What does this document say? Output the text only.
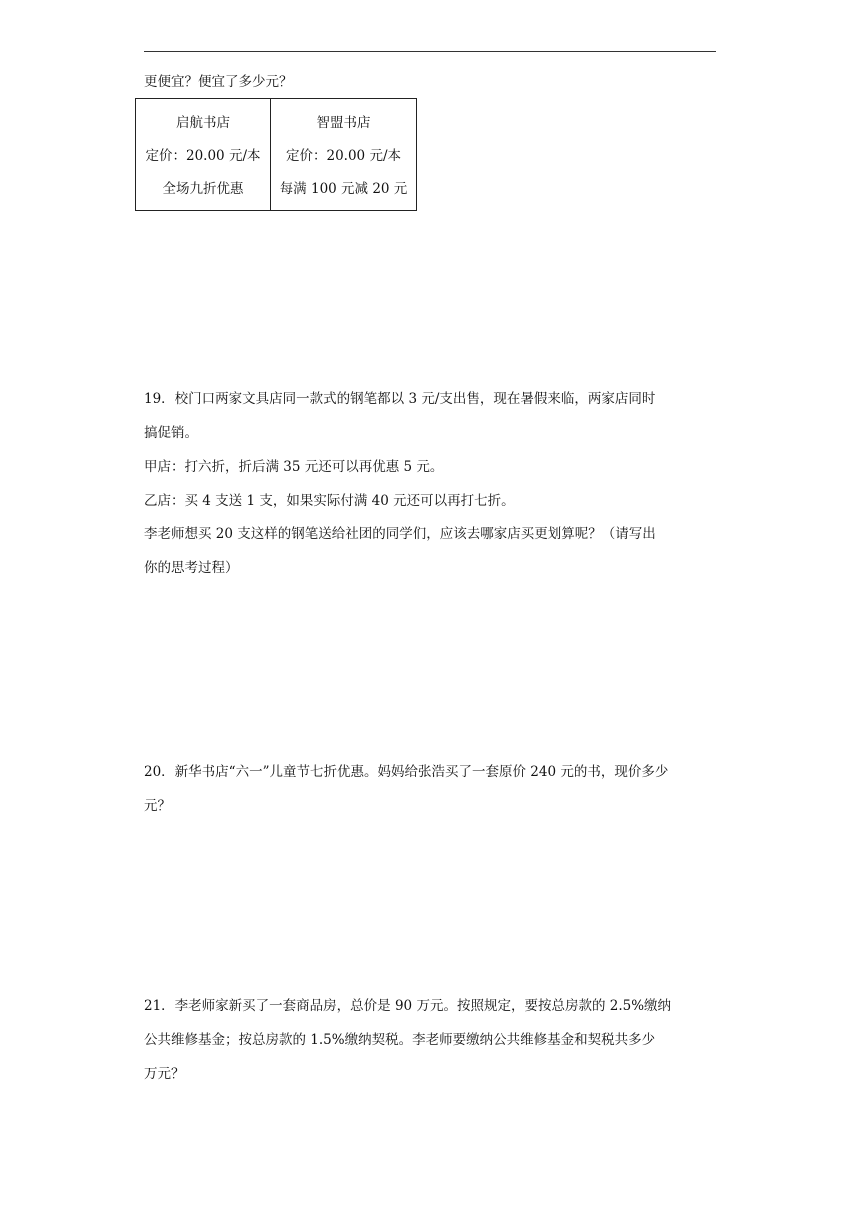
更便宜？便宜了多少元？
启航书店
定价：20.00 元/本
全场九折优惠

智盟书店
定价：20.00 元/本
每满 100 元减 20 元
19．校门口两家文具店同一款式的钢笔都以 3 元/支出售，现在暑假来临，两家店同时
搞促销。
甲店：打六折，折后满 35 元还可以再优惠 5 元。
乙店：买 4 支送 1 支，如果实际付满 40 元还可以再打七折。
李老师想买 20 支这样的钢笔送给社团的同学们，应该去哪家店买更划算呢？（请写出
你的思考过程）
20．新华书店“六一”儿童节七折优惠。妈妈给张浩买了一套原价 240 元的书，现价多少
元？
21．李老师家新买了一套商品房，总价是 90 万元。按照规定，要按总房款的 2.5%缴纳
公共维修基金；按总房款的 1.5%缴纳契税。李老师要缴纳公共维修基金和契税共多少
万元？
